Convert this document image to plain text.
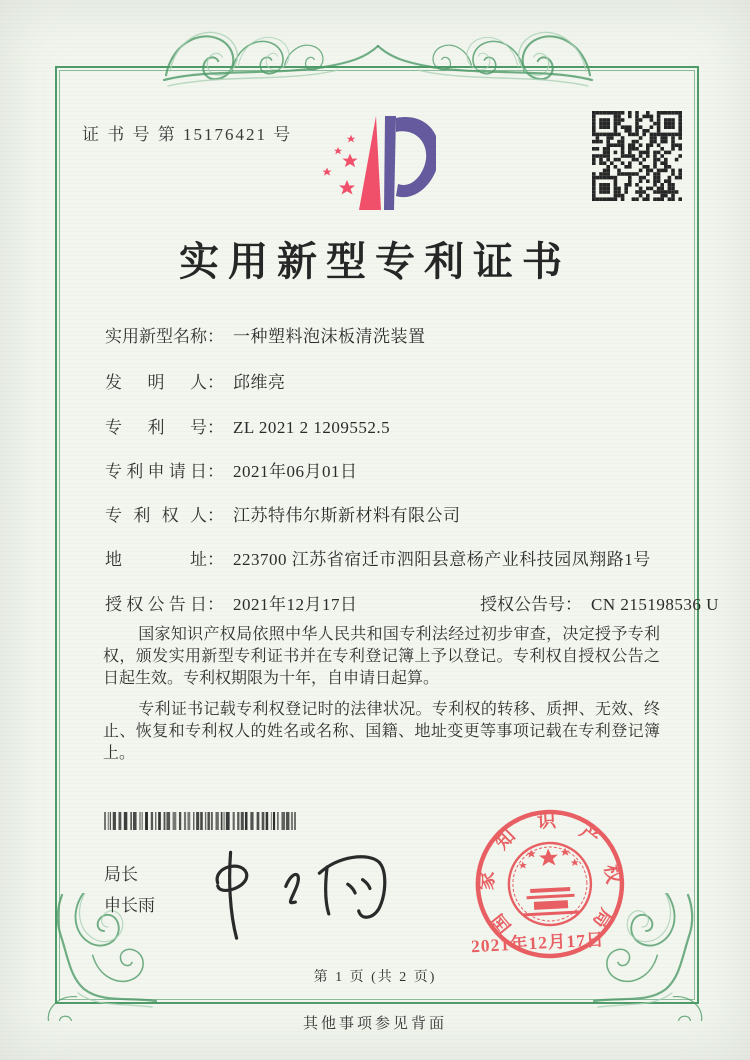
证 书 号 第 15176421 号
实用新型专利证书
实用新型名称： 一种塑料泡沫板清洗装置
发明人： 邱维亮
专利号： ZL 2021 2 1209552.5
专利申请日： 2021年06月01日
专利权人： 江苏特伟尔斯新材料有限公司
地址： 223700 江苏省宿迁市泗阳县意杨产业科技园凤翔路1号
授权公告日： 2021年12月17日	授权公告号： CN 215198536 U

国家知识产权局依照中华人民共和国专利法经过初步审查，决定授予专利权，颁发实用新型专利证书并在专利登记簿上予以登记。专利权自授权公告之日起生效。专利权期限为十年，自申请日起算。

专利证书记载专利权登记时的法律状况。专利权的转移、质押、无效、终止、恢复和专利权人的姓名或名称、国籍、地址变更等事项记载在专利登记簿上。

局长
申长雨
国
家
知
识 产
权
局
2021年12月17日
第 1 页 (共 2 页)
其他事项参见背面
